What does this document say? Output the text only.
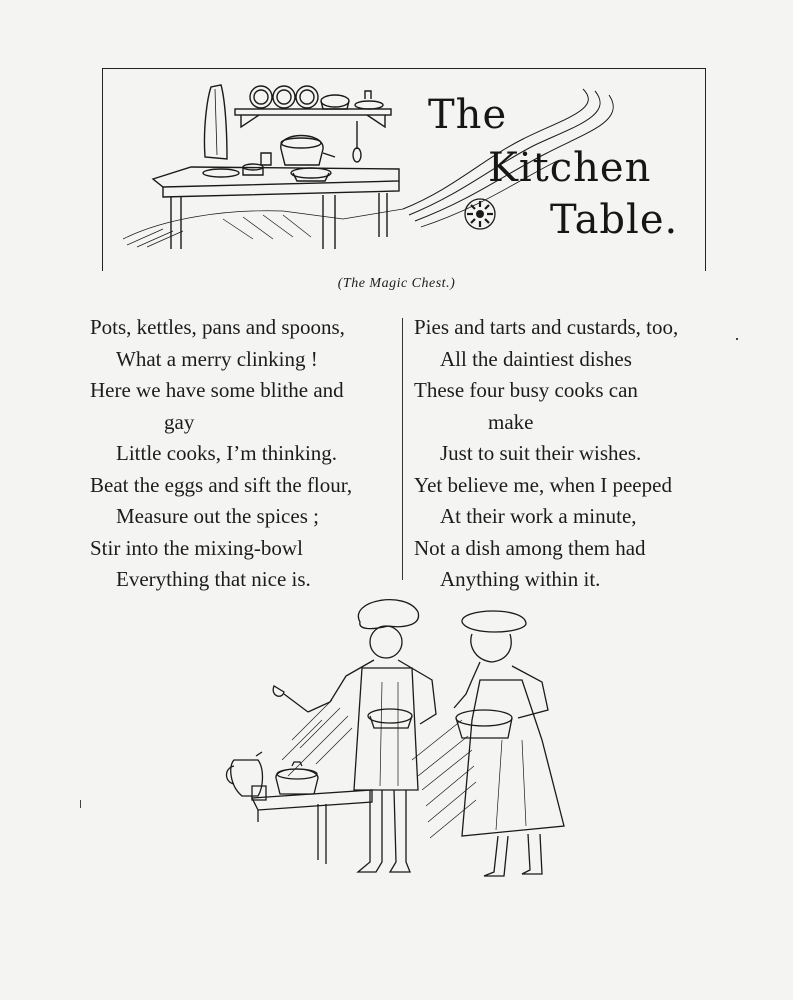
The
Kitchen
Table.
(The Magic Chest.)
Pots, kettles, pans and spoons,
What a merry clinking !
Here we have some blithe and
gay
Little cooks, I’m thinking.
Beat the eggs and sift the flour,
Measure out the spices ;
Stir into the mixing-bowl
Everything that nice is.
Pies and tarts and custards, too,
All the daintiest dishes
These four busy cooks can
make
Just to suit their wishes.
Yet believe me, when I peeped
At their work a minute,
Not a dish among them had
Anything within it.
